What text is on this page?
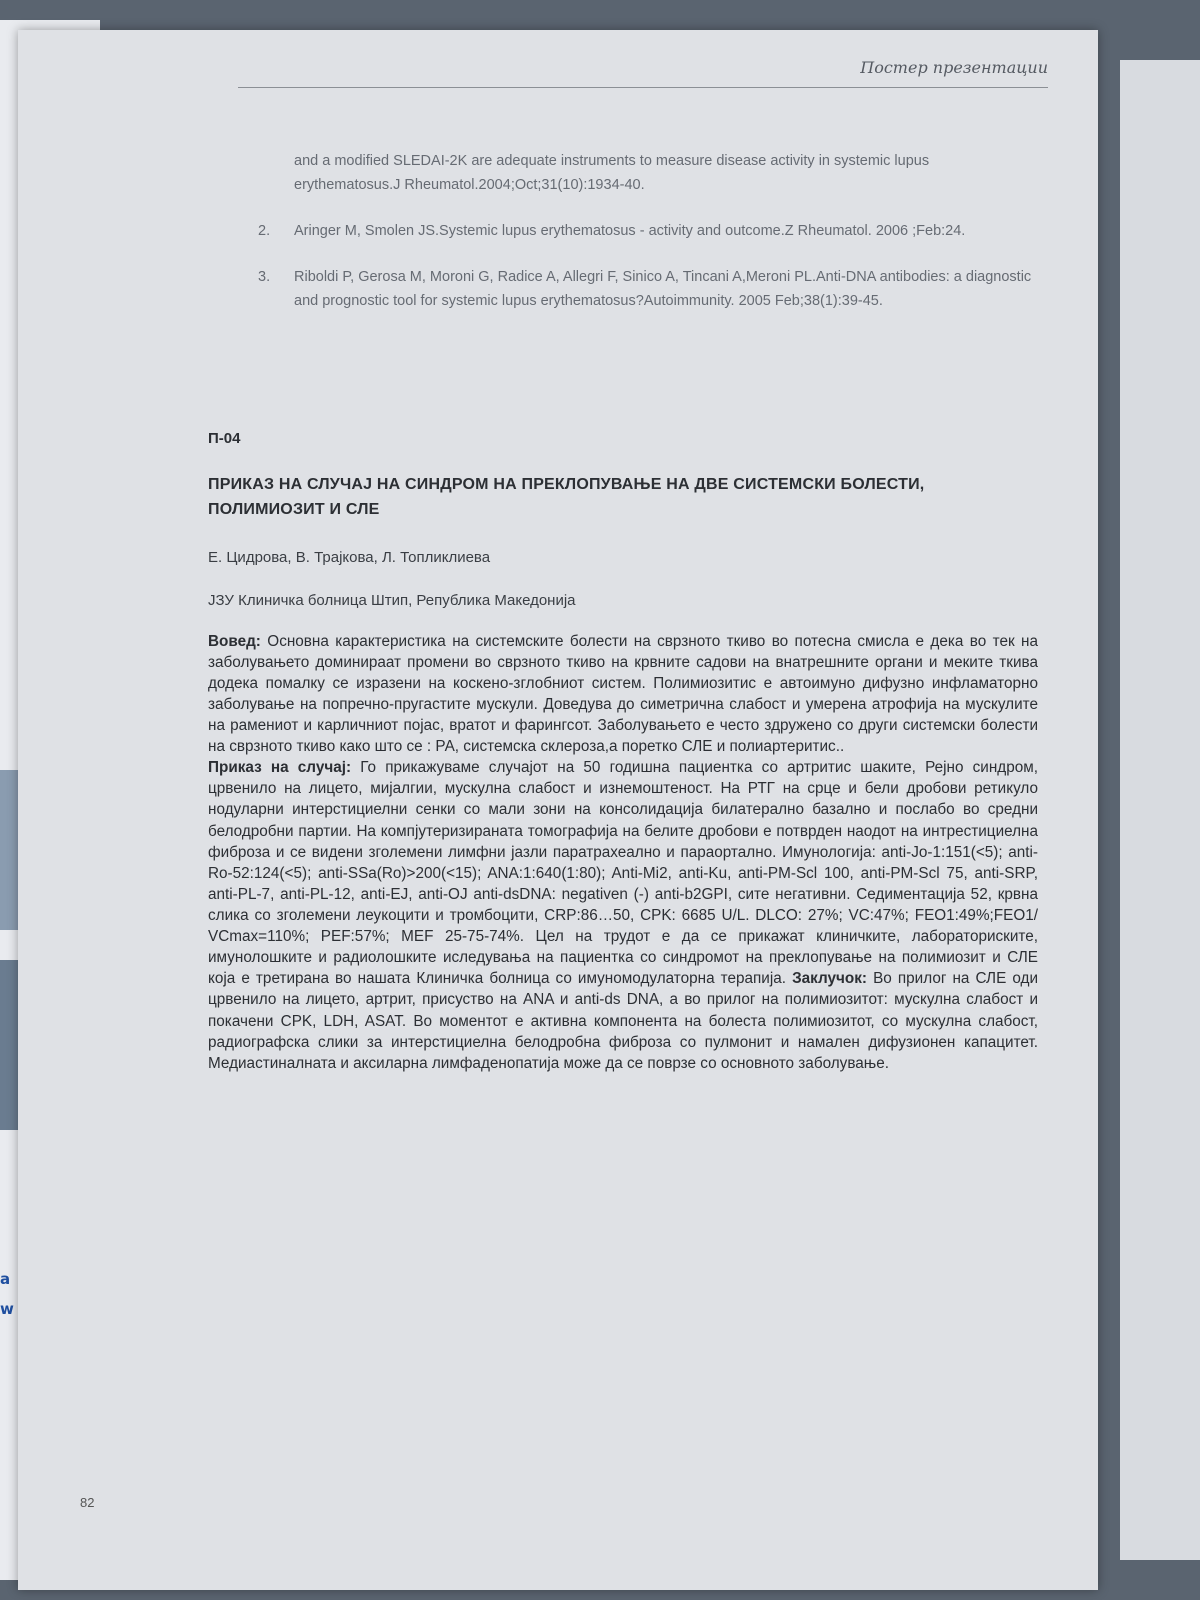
а
w
Постер презентации
and a modified SLEDAI-2K are adequate instruments to measure disease activity in systemic lupus erythematosus.J Rheumatol.2004;Oct;31(10):1934-40.
2.	Aringer M, Smolen JS.Systemic lupus erythematosus - activity and outcome.Z Rheumatol. 2006 ;Feb:24.
3.	Riboldi P, Gerosa M, Moroni G, Radice A, Allegri F, Sinico A, Tincani A,Meroni PL.Anti-DNA antibodies: a diagnostic and prognostic tool for systemic lupus erythematosus?Autoimmunity. 2005 Feb;38(1):39-45.
П-04
ПРИКАЗ НА СЛУЧАЈ НА СИНДРОМ НА ПРЕКЛОПУВАЊЕ НА ДВЕ СИСТЕМСКИ БОЛЕСТИ, ПОЛИМИОЗИТ И СЛЕ
Е. Цидрова, В. Трајкова, Л. Топликлиева
ЈЗУ Клиничка болница Штип, Република Македонија
Вовед: Основна карактеристика на системските болести на сврзното ткиво во потесна смисла е дека во тек на заболувањето доминираат промени во сврзното ткиво на крвните садови на внатрешните органи и меките ткива додека помалку се изразени на коскено-зглобниот систем. Полимиозитис е автоимуно дифузно инфламаторно заболување на попречно-пругастите мускули. Доведува до симетрична слабост и умерена атрофија на мускулите на рамениот и карличниот појас, вратот и фарингсот. Заболувањето е често здружено со други системски болести на сврзното ткиво како што се : РА, системска склероза,а поретко СЛЕ и полиартеритис..
Приказ на случај: Го прикажуваме случајот на 50 годишна пациентка со артритис шаките, Рејно синдром, црвенило на лицето, мијалгии, мускулна слабост и изнемоштеност. На РТГ на срце и бели дробови ретикуло нодуларни интерстициелни сенки со мали зони на консолидација билатерално базално и послабо во средни белодробни партии. На компјутеризираната томографија на белите дробови е потврден наодот на интрестициелна фиброза и се видени зголемени лимфни јазли паратрахеално и параортално. Имунологија: anti-Jo-1:151(<5); anti-Ro-52:124(<5); anti-SSa(Ro)>200(<15); ANA:1:640(1:80); Anti-Mi2, anti-Ku, anti-PM-Scl 100, anti-PM-Scl 75, anti-SRP, anti-PL-7, anti-PL-12, anti-EJ, anti-OJ anti-dsDNA: negativen (-) anti-b2GPI, сите негативни. Седиментација 52, крвна слика со зголемени леукоцити и тромбоцити, CRP:86…50, CPK: 6685 U/L. DLCO: 27%; VC:47%; FEO1:49%;FEO1/ VCmax=110%; PEF:57%; MEF 25-75-74%. Цел на трудот е да се прикажат клиничките, лабораториските, имунолошките и радиолошките иследувања на пациентка со синдромот на преклопување на полимиозит и СЛЕ која е третирана во нашата Клиничка болница со имуномодулаторна терапија. Заклучок: Во прилог на СЛЕ оди црвенило на лицето, артрит, присуство на ANA и anti-ds DNA, а во прилог на полимиозитот: мускулна слабост и покачени CPK, LDH, ASAT. Во моментот е активна компонента на болеста полимиозитот, со мускулна слабост, радиографска слики за интерстициелна белодробна фиброза со пулмонит и намален дифузионен капацитет. Медиастиналната и аксиларна лимфаденопатија може да се поврзе со основното заболување.
82
